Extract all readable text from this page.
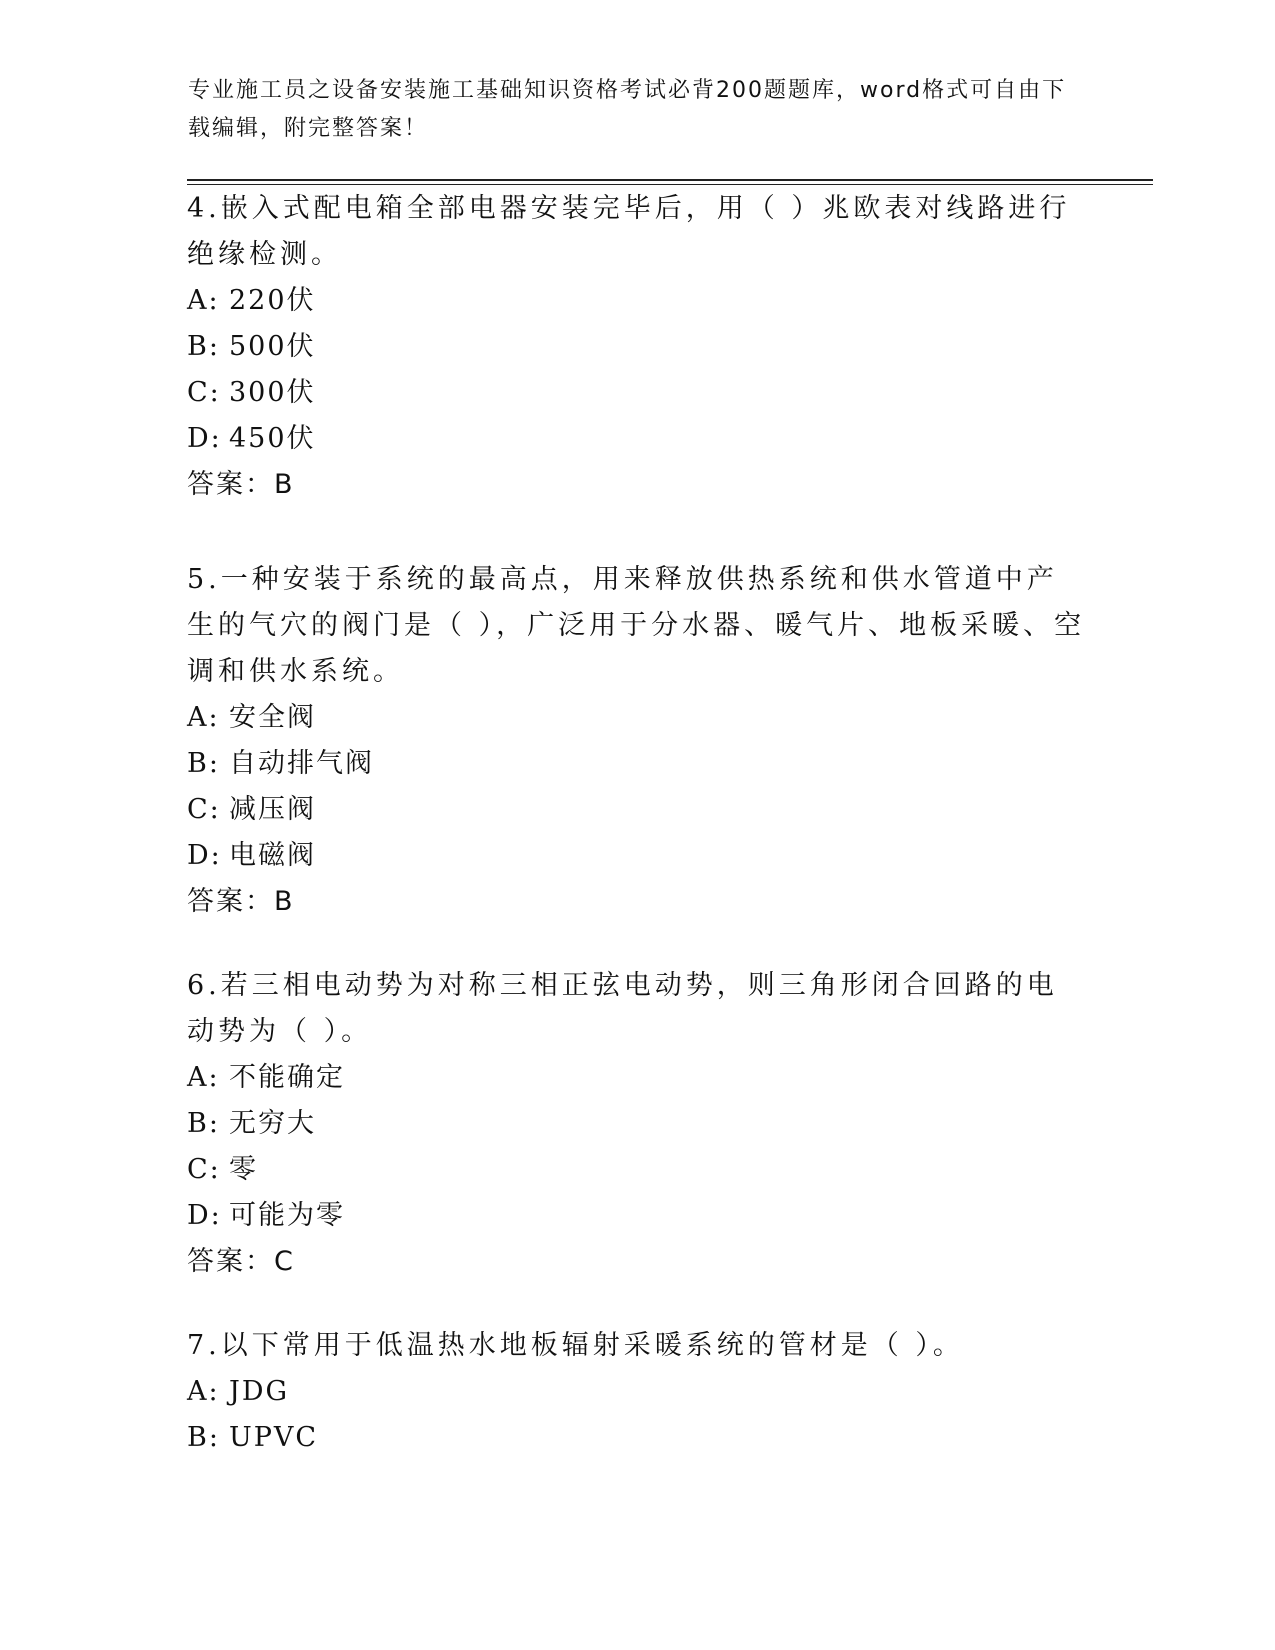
专业施工员之设备安装施工基础知识资格考试必背200题题库，word格式可自由下载编辑，附完整答案！

4.嵌入式配电箱全部电器安装完毕后，用（ ）兆欧表对线路进行绝缘检测。

A: 220伏

B: 500伏

C: 300伏

D: 450伏

答案：B

5.一种安装于系统的最高点，用来释放供热系统和供水管道中产生的气穴的阀门是（ ），广泛用于分水器、暖气片、地板采暖、空调和供水系统。

A: 安全阀

B: 自动排气阀

C: 减压阀

D: 电磁阀

答案：B

6.若三相电动势为对称三相正弦电动势，则三角形闭合回路的电动势为（ ）。

A: 不能确定

B: 无穷大

C: 零

D: 可能为零

答案：C

7.以下常用于低温热水地板辐射采暖系统的管材是（ ）。

A: JDG

B: UPVC
